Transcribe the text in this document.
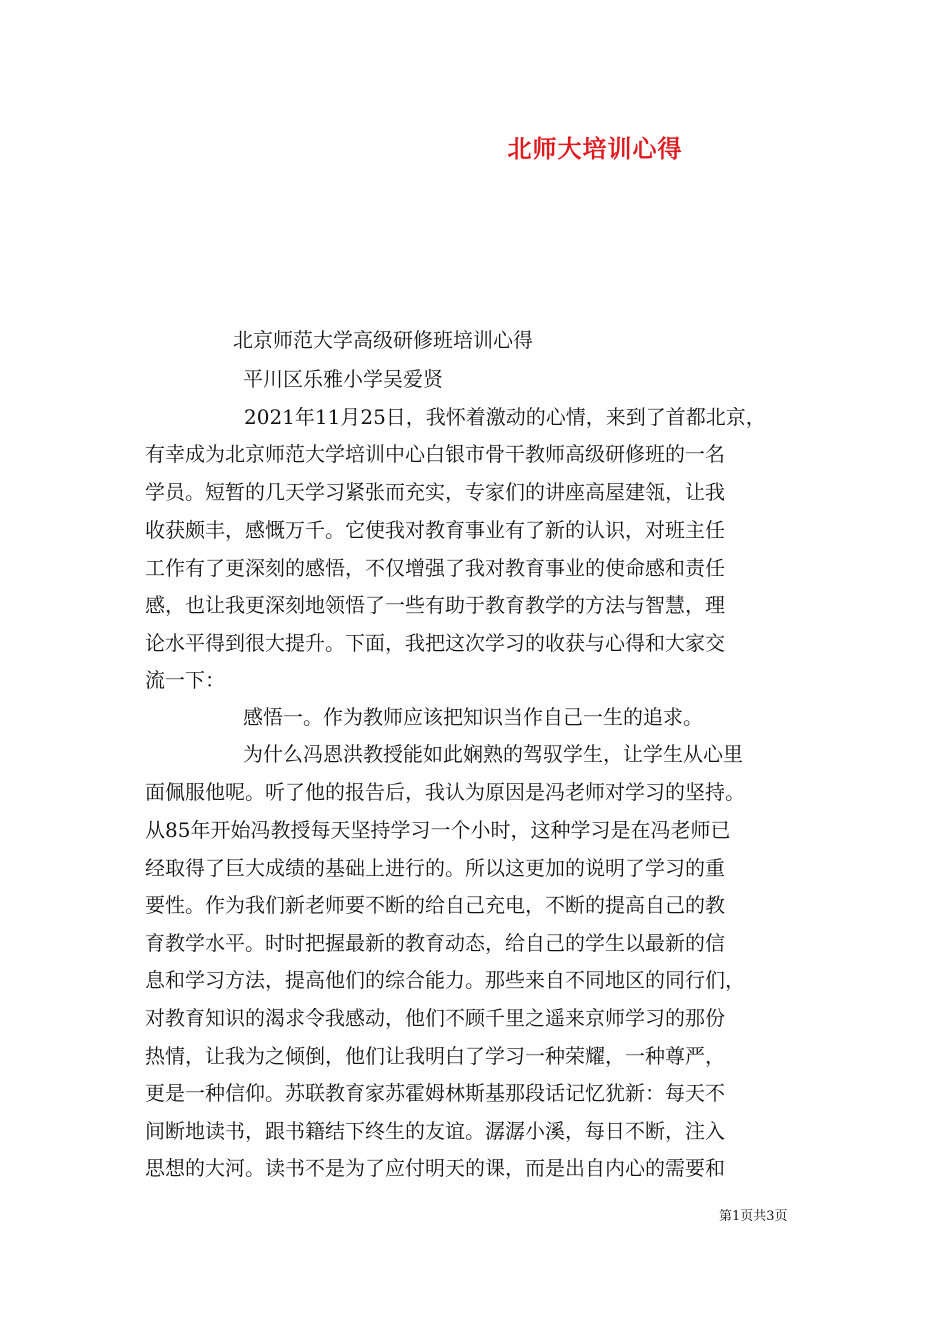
北师大培训心得
北京师范大学高级研修班培训心得
平川区乐雅小学吴爱贤
2021年11月25日，我怀着激动的心情，来到了首都北京，
有幸成为北京师范大学培训中心白银市骨干教师高级研修班的一名
学员。短暂的几天学习紧张而充实，专家们的讲座高屋建瓴，让我
收获颇丰，感慨万千。它使我对教育事业有了新的认识，对班主任
工作有了更深刻的感悟，不仅增强了我对教育事业的使命感和责任
感，也让我更深刻地领悟了一些有助于教育教学的方法与智慧，理
论水平得到很大提升。下面，我把这次学习的收获与心得和大家交
流一下：
感悟一。作为教师应该把知识当作自己一生的追求。
为什么冯恩洪教授能如此娴熟的驾驭学生，让学生从心里
面佩服他呢。听了他的报告后，我认为原因是冯老师对学习的坚持。
从85年开始冯教授每天坚持学习一个小时，这种学习是在冯老师已
经取得了巨大成绩的基础上进行的。所以这更加的说明了学习的重
要性。作为我们新老师要不断的给自己充电，不断的提高自己的教
育教学水平。时时把握最新的教育动态，给自己的学生以最新的信
息和学习方法，提高他们的综合能力。那些来自不同地区的同行们，
对教育知识的渴求令我感动，他们不顾千里之遥来京师学习的那份
热情，让我为之倾倒，他们让我明白了学习一种荣耀，一种尊严，
更是一种信仰。苏联教育家苏霍姆林斯基那段话记忆犹新：每天不
间断地读书，跟书籍结下终生的友谊。潺潺小溪，每日不断，注入
思想的大河。读书不是为了应付明天的课，而是出自内心的需要和
第1页共3页
